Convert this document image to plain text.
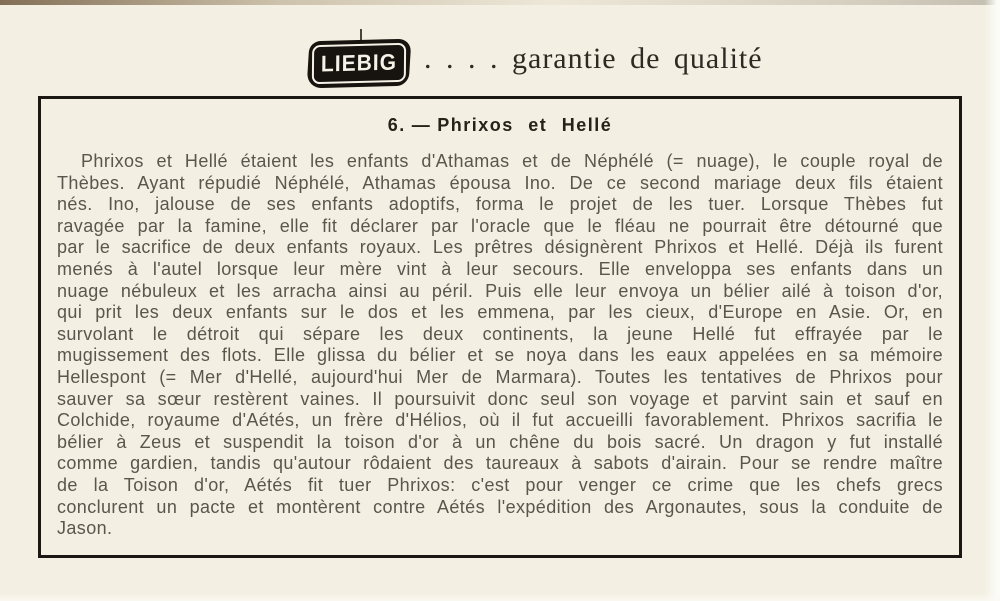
LIEBIG . . . . garantie de qualité
6. — Phrixos et Hellé

Phrixos et Hellé étaient les enfants d'Athamas et de Néphélé (= nuage), le couple royal de Thèbes. Ayant répudié Néphélé, Athamas épousa Ino. De ce second mariage deux fils étaient nés. Ino, jalouse de ses enfants adoptifs, forma le projet de les tuer. Lorsque Thèbes fut ravagée par la famine, elle fit déclarer par l'oracle que le fléau ne pourrait être détourné que par le sacrifice de deux enfants royaux. Les prêtres désignèrent Phrixos et Hellé. Déjà ils furent menés à l'autel lorsque leur mère vint à leur secours. Elle enveloppa ses enfants dans un nuage nébuleux et les arracha ainsi au péril. Puis elle leur envoya un bélier ailé à toison d'or, qui prit les deux enfants sur le dos et les emmena, par les cieux, d'Europe en Asie. Or, en survolant le détroit qui sépare les deux continents, la jeune Hellé fut effrayée par le mugissement des flots. Elle glissa du bélier et se noya dans les eaux appelées en sa mémoire Hellespont (= Mer d'Hellé, aujourd'hui Mer de Marmara). Toutes les tentatives de Phrixos pour sauver sa sœur restèrent vaines. Il poursuivit donc seul son voyage et parvint sain et sauf en Colchide, royaume d'Aétés, un frère d'Hélios, où il fut accueilli favorablement. Phrixos sacrifia le bélier à Zeus et suspendit la toison d'or à un chêne du bois sacré. Un dragon y fut installé comme gardien, tandis qu'autour rôdaient des taureaux à sabots d'airain. Pour se rendre maître de la Toison d'or, Aétés fit tuer Phrixos: c'est pour venger ce crime que les chefs grecs conclurent un pacte et montèrent contre Aétés l'expédition des Argonautes, sous la conduite de Jason.
